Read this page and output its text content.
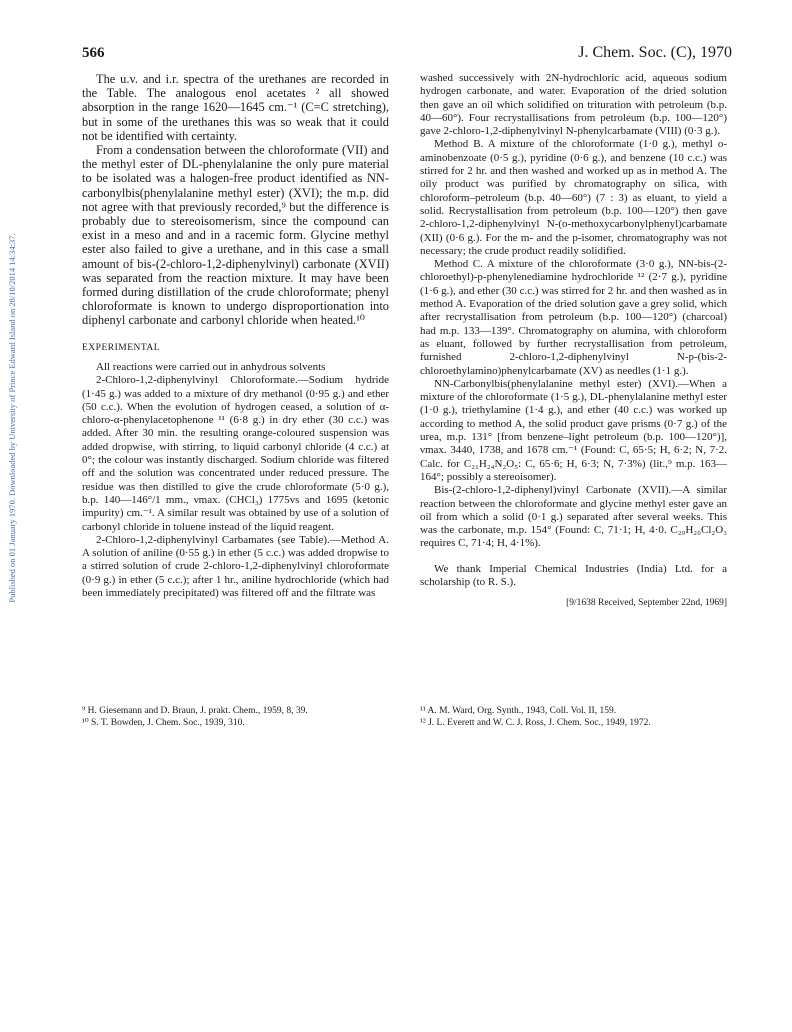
566	J. Chem. Soc. (C), 1970
Published on 01 January 1970. Downloaded by University of Prince Edward Island on 28/10/2014 14:34:37.

The u.v. and i.r. spectra of the urethanes are recorded in the Table. The analogous enol acetates ² all showed absorption in the range 1620—1645 cm.⁻¹ (C=C stretching), but in some of the urethanes this was so weak that it could not be identified with certainty.

From a condensation between the chloroformate (VII) and the methyl ester of DL-phenylalanine the only pure material to be isolated was a halogen-free product identified as NN-carbonylbis(phenylalanine methyl ester) (XVI); the m.p. did not agree with that previously recorded,⁹ but the difference is probably due to stereoisomerism, since the compound can exist in a meso and and in a racemic form. Glycine methyl ester also failed to give a urethane, and in this case a small amount of bis-(2-chloro-1,2-diphenylvinyl) carbonate (XVII) was separated from the reaction mixture. It may have been formed during distillation of the crude chloroformate; phenyl chloroformate is known to undergo disproportionation into diphenyl carbonate and carbonyl chloride when heated.¹⁰

EXPERIMENTAL

All reactions were carried out in anhydrous solvents

2-Chloro-1,2-diphenylvinyl Chloroformate.—Sodium hydride (1·45 g.) was added to a mixture of dry methanol (0·95 g.) and ether (50 c.c.). When the evolution of hydrogen ceased, a solution of α-chloro-α-phenylacetophenone ¹¹ (6·8 g.) in dry ether (30 c.c.) was added. After 30 min. the resulting orange-coloured suspension was added dropwise, with stirring, to liquid carbonyl chloride (4 c.c.) at 0°; the colour was instantly discharged. Sodium chloride was filtered off and the solution was concentrated under reduced pressure. The residue was then distilled to give the crude chloroformate (5·0 g.), b.p. 140—146°/1 mm., νmax. (CHCl₃) 1775vs and 1695 (ketonic impurity) cm.⁻¹. A similar result was obtained by use of a solution of carbonyl chloride in toluene instead of the liquid reagent.

2-Chloro-1,2-diphenylvinyl Carbamates (see Table).—Method A. A solution of aniline (0·55 g.) in ether (5 c.c.) was added dropwise to a stirred solution of crude 2-chloro-1,2-diphenylvinyl chloroformate (0·9 g.) in ether (5 c.c.); after 1 hr., aniline hydrochloride (which had been immediately precipitated) was filtered off and the filtrate was

washed successively with 2N-hydrochloric acid, aqueous sodium hydrogen carbonate, and water. Evaporation of the dried solution then gave an oil which solidified on trituration with petroleum (b.p. 40—60°). Four recrystallisations from petroleum (b.p. 100—120°) gave 2-chloro-1,2-diphenylvinyl N-phenylcarbamate (VIII) (0·3 g.).

Method B. A mixture of the chloroformate (1·0 g.), methyl o-aminobenzoate (0·5 g.), pyridine (0·6 g.), and benzene (10 c.c.) was stirred for 2 hr. and then washed and worked up as in method A. The oily product was purified by chromatography on silica, with chloroform–petroleum (b.p. 40—60°) (7 : 3) as eluant, to yield a solid. Recrystallisation from petroleum (b.p. 100—120°) then gave 2-chloro-1,2-diphenylvinyl N-(o-methoxycarbonylphenyl)carbamate (XII) (0·6 g.). For the m- and the p-isomer, chromatography was not necessary; the crude product readily solidified.

Method C. A mixture of the chloroformate (3·0 g.), NN-bis-(2-chloroethyl)-p-phenylenediamine hydrochloride ¹² (2·7 g.), pyridine (1·6 g.), and ether (30 c.c.) was stirred for 2 hr. and then washed as in method A. Evaporation of the dried solution gave a grey solid, which after recrystallisation from petroleum (b.p. 100—120°) (charcoal) had m.p. 133—139°. Chromatography on alumina, with chloroform as eluant, followed by further recrystallisation from petroleum, furnished 2-chloro-1,2-diphenylvinyl N-p-(bis-2-chloroethylamino)phenylcarbamate (XV) as needles (1·1 g.).

NN-Carbonylbis(phenylalanine methyl ester) (XVI).—When a mixture of the chloroformate (1·5 g.), DL-phenylalanine methyl ester (1·0 g.), triethylamine (1·4 g.), and ether (40 c.c.) was worked up according to method A, the solid product gave prisms (0·7 g.) of the urea, m.p. 131° [from benzene–light petroleum (b.p. 100—120°)], νmax. 3440, 1738, and 1678 cm.⁻¹ (Found: C, 65·5; H, 6·2; N, 7·2. Calc. for C₂₁H₂₄N₂O₅: C, 65·6; H, 6·3; N, 7·3%) (lit.,⁹ m.p. 163—164°; possibly a stereoisomer).

Bis-(2-chloro-1,2-diphenyl)vinyl Carbonate (XVII).—A similar reaction between the chloroformate and glycine methyl ester gave an oil from which a solid (0·1 g.) separated after several weeks. This was the carbonate, m.p. 154° (Found: C, 71·1; H, 4·0. C₂₉H₂₀Cl₂O₃ requires C, 71·4; H, 4·1%).

We thank Imperial Chemical Industries (India) Ltd. for a scholarship (to R. S.).

[9/1638 Received, September 22nd, 1969]

⁹ H. Giesemann and D. Braun, J. prakt. Chem., 1959, 8, 39.

¹⁰ S. T. Bowden, J. Chem. Soc., 1939, 310.

¹¹ A. M. Ward, Org. Synth., 1943, Coll. Vol. II, 159.

¹² J. L. Everett and W. C. J. Ross, J. Chem. Soc., 1949, 1972.
